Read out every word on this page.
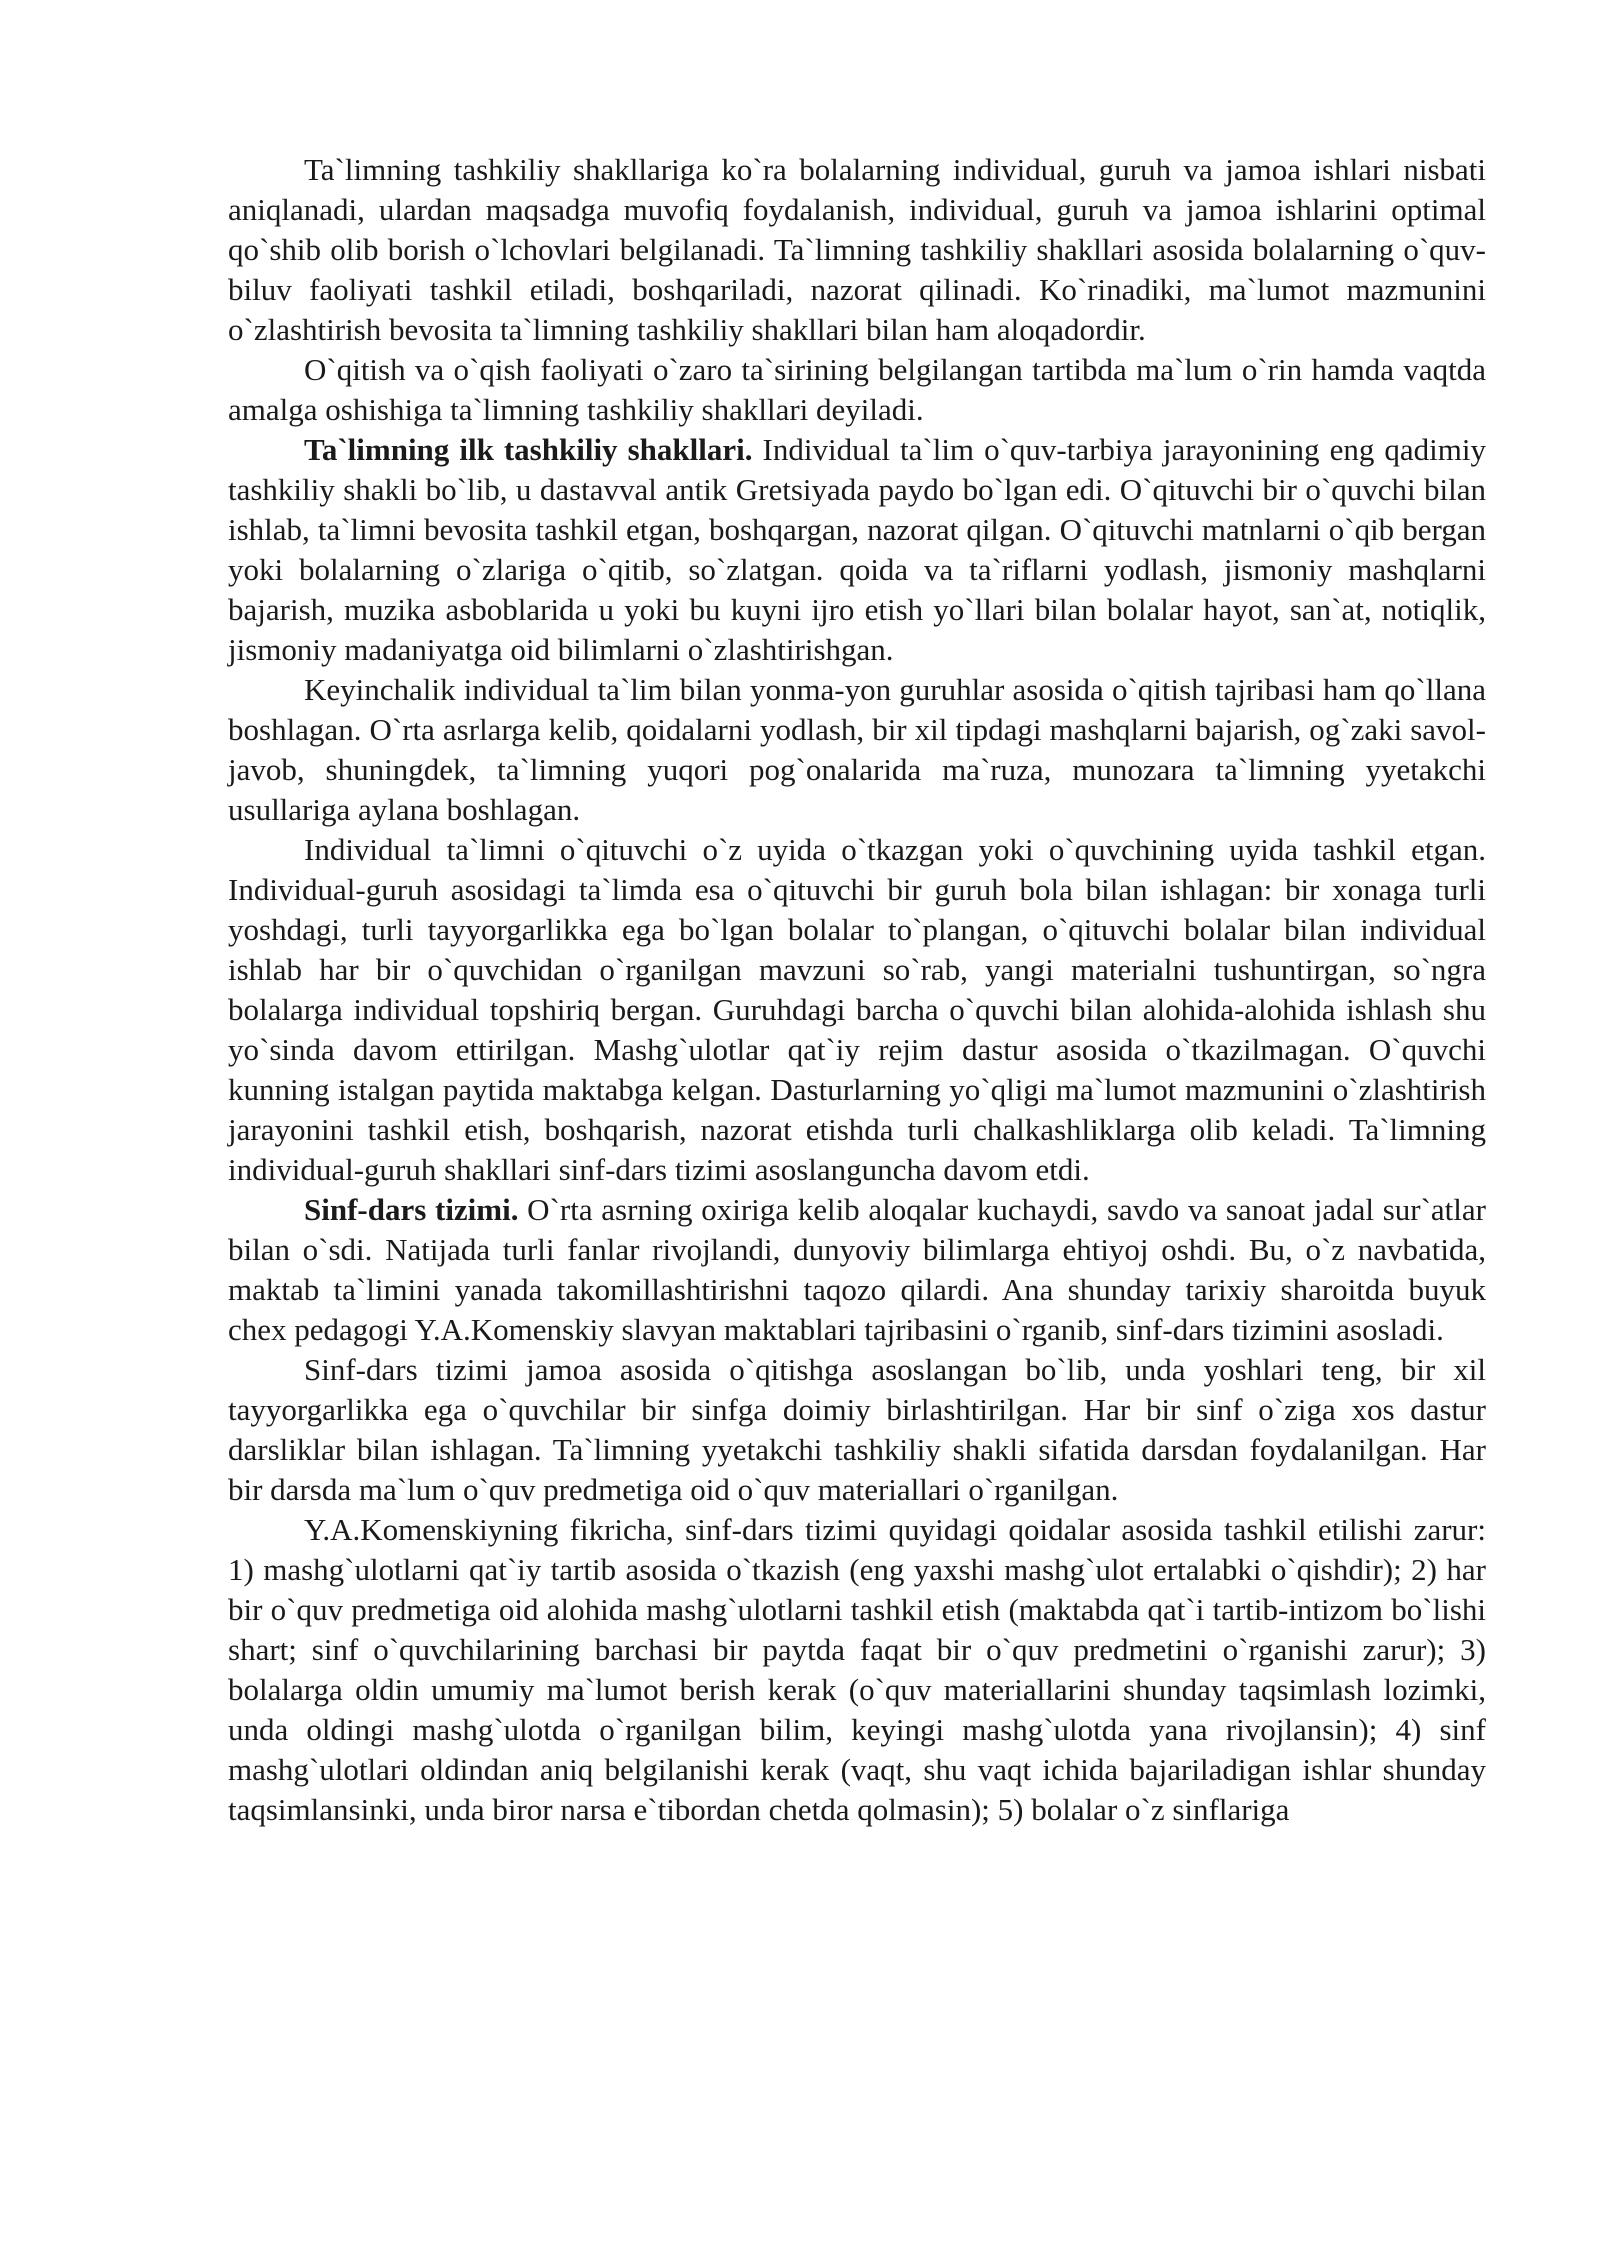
Ta`limning tashkiliy shakllariga ko`ra bolalarning individual, guruh va jamoa ishlari nisbati aniqlanadi, ulardan maqsadga muvofiq foydalanish, individual, guruh va jamoa ishlarini optimal qo`shib olib borish o`lchovlari belgilanadi. Ta`limning tashkiliy shakllari asosida bolalarning o`quv-biluv faoliyati tashkil etiladi, boshqariladi, nazorat qilinadi. Ko`rinadiki, ma`lumot mazmunini o`zlashtirish bevosita ta`limning tashkiliy shakllari bilan ham aloqadordir.

O`qitish va o`qish faoliyati o`zaro ta`sirining belgilangan tartibda ma`lum o`rin hamda vaqtda amalga oshishiga ta`limning tashkiliy shakllari deyiladi.

Ta`limning ilk tashkiliy shakllari. Individual ta`lim o`quv-tarbiya jarayonining eng qadimiy tashkiliy shakli bo`lib, u dastavval antik Gretsiyada paydo bo`lgan edi. O`qituvchi bir o`quvchi bilan ishlab, ta`limni bevosita tashkil etgan, boshqargan, nazorat qilgan. O`qituvchi matnlarni o`qib bergan yoki bolalarning o`zlariga o`qitib, so`zlatgan. qoida va ta`riflarni yodlash, jismoniy mashqlarni bajarish, muzika asboblarida u yoki bu kuyni ijro etish yo`llari bilan bolalar hayot, san`at, notiqlik, jismoniy madaniyatga oid bilimlarni o`zlashtirishgan.

Keyinchalik individual ta`lim bilan yonma-yon guruhlar asosida o`qitish tajribasi ham qo`llana boshlagan. O`rta asrlarga kelib, qoidalarni yodlash, bir xil tipdagi mashqlarni bajarish, og`zaki savol-javob, shuningdek, ta`limning yuqori pog`onalarida ma`ruza, munozara ta`limning yyetakchi usullariga aylana boshlagan.

Individual ta`limni o`qituvchi o`z uyida o`tkazgan yoki o`quvchining uyida tashkil etgan. Individual-guruh asosidagi ta`limda esa o`qituvchi bir guruh bola bilan ishlagan: bir xonaga turli yoshdagi, turli tayyorgarlikka ega bo`lgan bolalar to`plangan, o`qituvchi bolalar bilan individual ishlab har bir o`quvchidan o`rganilgan mavzuni so`rab, yangi materialni tushuntirgan, so`ngra bolalarga individual topshiriq bergan. Guruhdagi barcha o`quvchi bilan alohida-alohida ishlash shu yo`sinda davom ettirilgan. Mashg`ulotlar qat`iy rejim dastur asosida o`tkazilmagan. O`quvchi kunning istalgan paytida maktabga kelgan. Dasturlarning yo`qligi ma`lumot mazmunini o`zlashtirish jarayonini tashkil etish, boshqarish, nazorat etishda turli chalkashliklarga olib keladi. Ta`limning individual-guruh shakllari sinf-dars tizimi asoslanguncha davom etdi.

Sinf-dars tizimi. O`rta asrning oxiriga kelib aloqalar kuchaydi, savdo va sanoat jadal sur`atlar bilan o`sdi. Natijada turli fanlar rivojlandi, dunyoviy bilimlarga ehtiyoj oshdi. Bu, o`z navbatida, maktab ta`limini yanada takomillashtirishni taqozo qilardi. Ana shunday tarixiy sharoitda buyuk chex pedagogi Y.A.Komenskiy slavyan maktablari tajribasini o`rganib, sinf-dars tizimini asosladi.

Sinf-dars tizimi jamoa asosida o`qitishga asoslangan bo`lib, unda yoshlari teng, bir xil tayyorgarlikka ega o`quvchilar bir sinfga doimiy birlashtirilgan. Har bir sinf o`ziga xos dastur darsliklar bilan ishlagan. Ta`limning yyetakchi tashkiliy shakli sifatida darsdan foydalanilgan. Har bir darsda ma`lum o`quv predmetiga oid o`quv materiallari o`rganilgan.

Y.A.Komenskiyning fikricha, sinf-dars tizimi quyidagi qoidalar asosida tashkil etilishi zarur: 1) mashg`ulotlarni qat`iy tartib asosida o`tkazish (eng yaxshi mashg`ulot ertalabki o`qishdir); 2) har bir o`quv predmetiga oid alohida mashg`ulotlarni tashkil etish (maktabda qat`i tartib-intizom bo`lishi shart; sinf o`quvchilarining barchasi bir paytda faqat bir o`quv predmetini o`rganishi zarur); 3) bolalarga oldin umumiy ma`lumot berish kerak (o`quv materiallarini shunday taqsimlash lozimki, unda oldingi mashg`ulotda o`rganilgan bilim, keyingi mashg`ulotda yana rivojlansin); 4) sinf mashg`ulotlari oldindan aniq belgilanishi kerak (vaqt, shu vaqt ichida bajariladigan ishlar shunday taqsimlansinki, unda biror narsa e`tibordan chetda qolmasin); 5) bolalar o`z sinflariga
